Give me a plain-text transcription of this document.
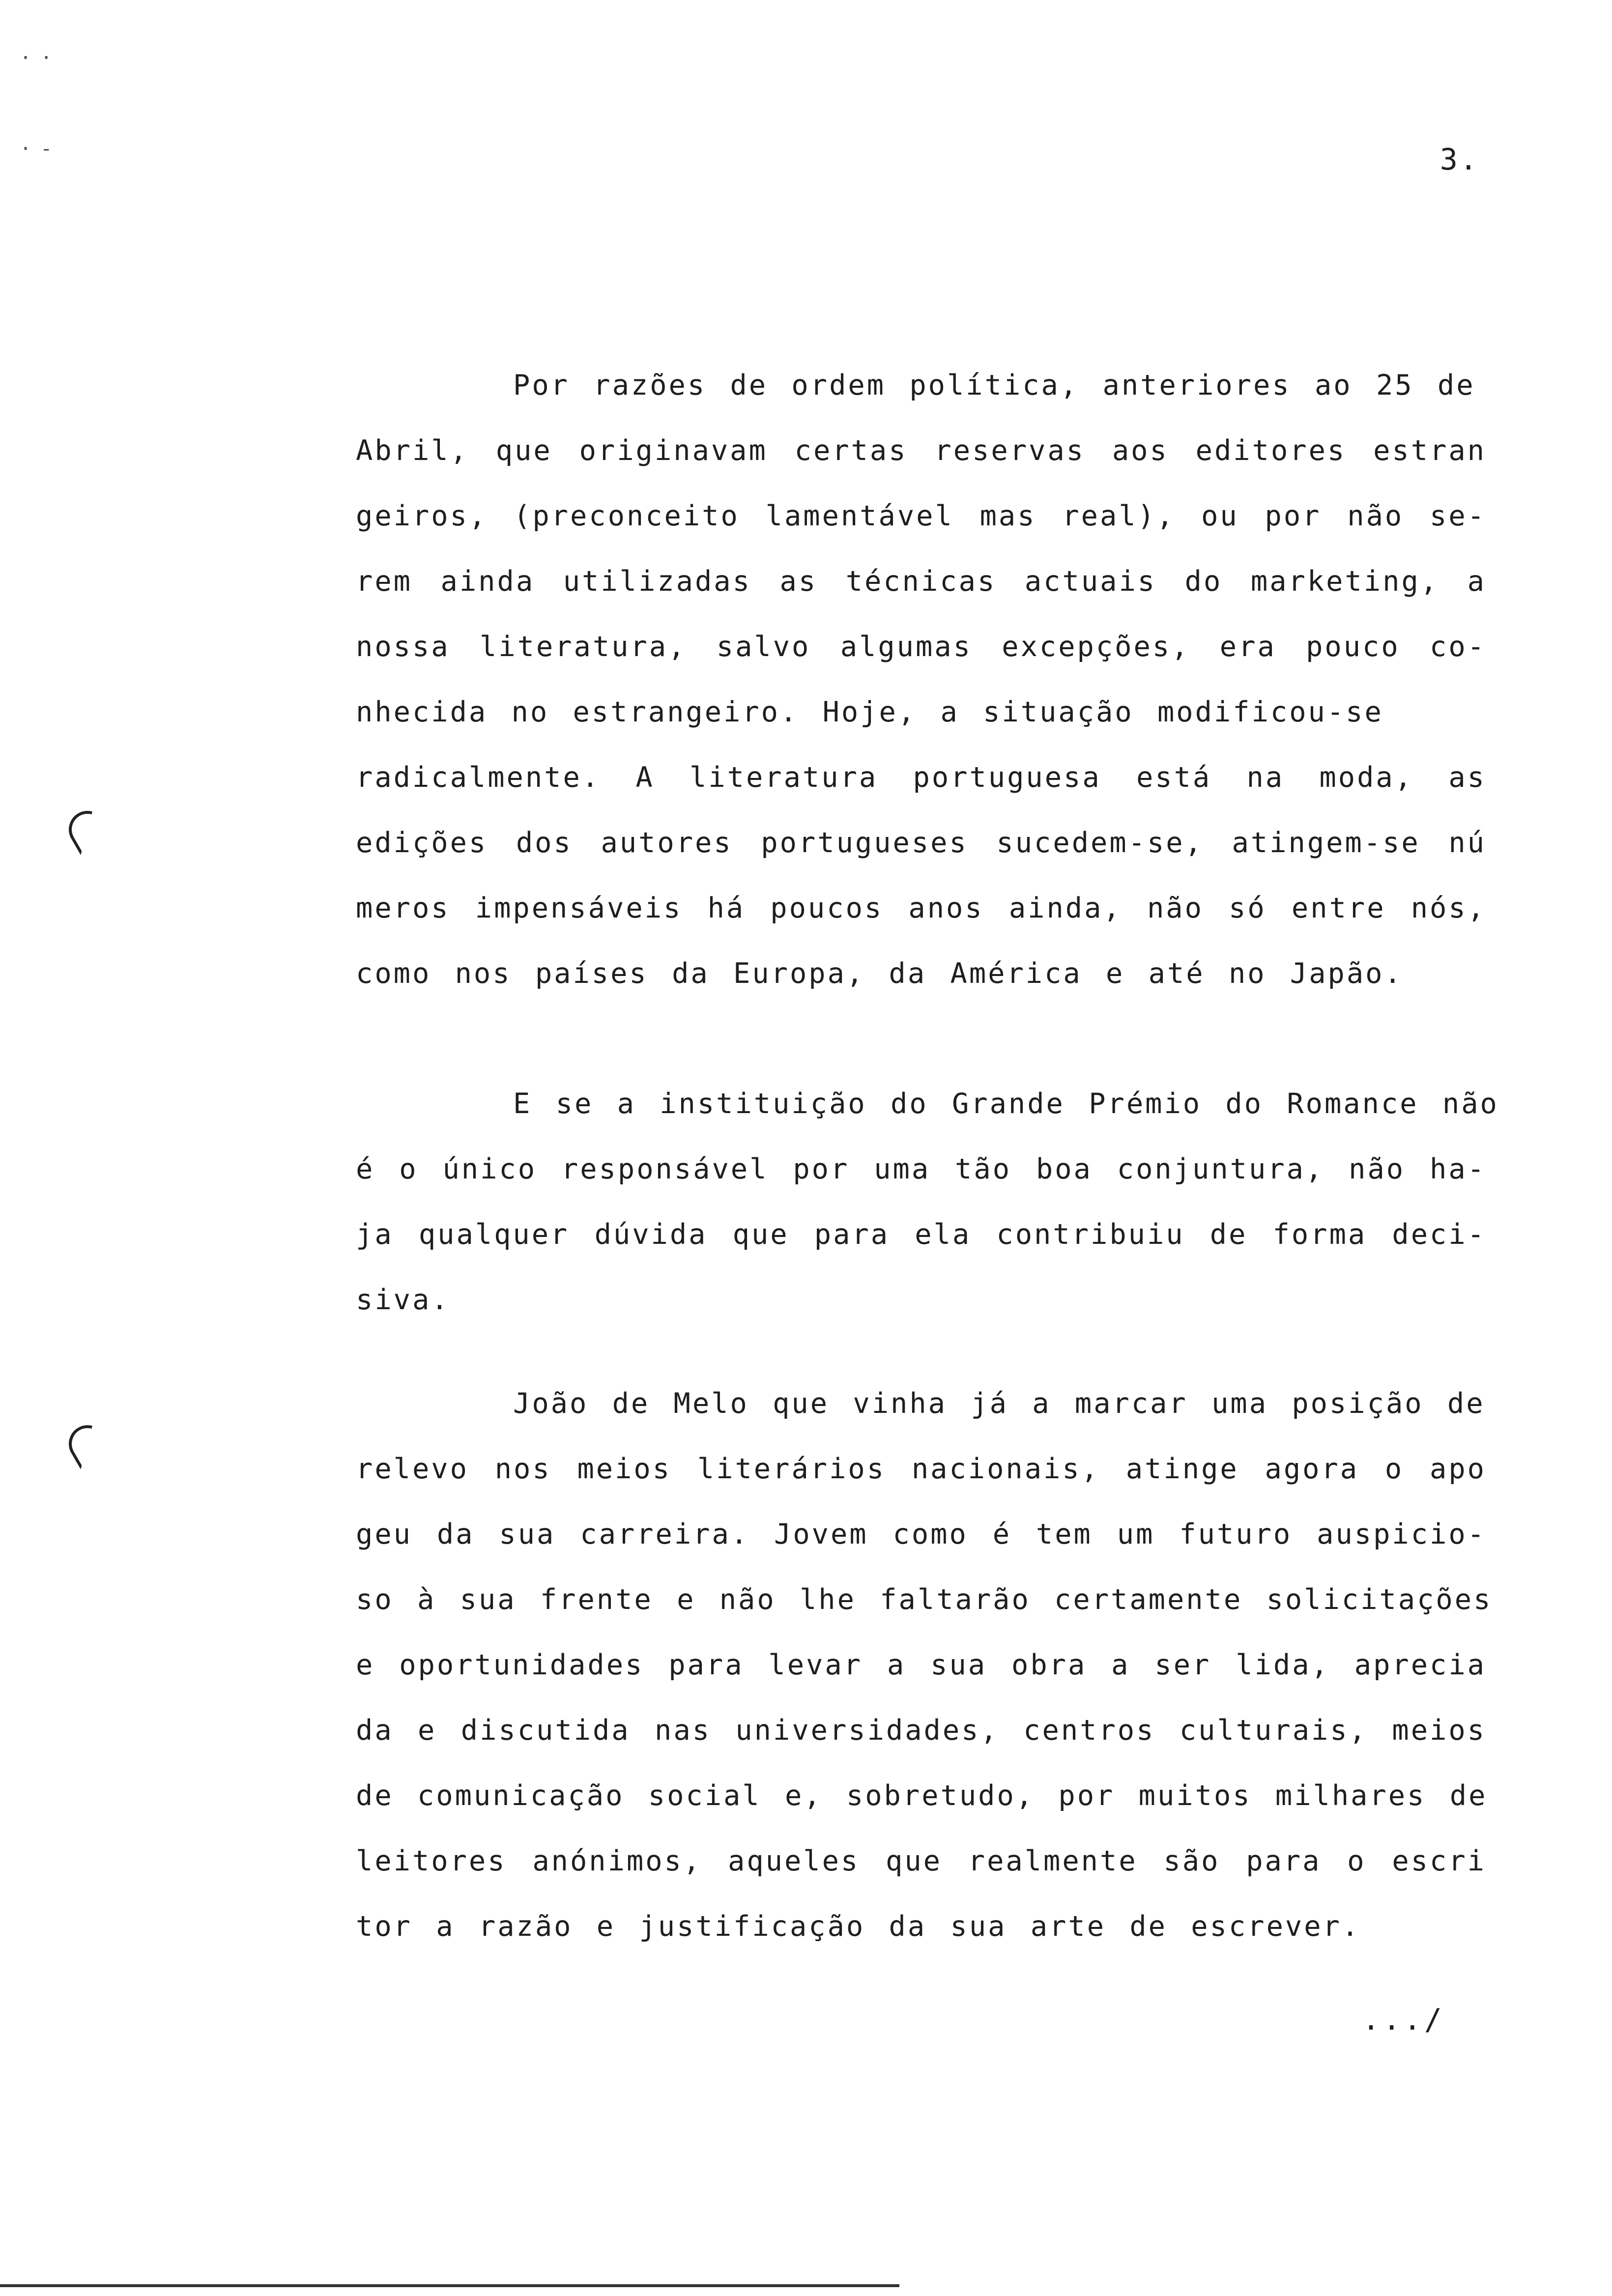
··
·-	3.
Por razões de ordem política, anteriores ao 25 de
Abril, que originavam certas reservas aos editores estran
geiros, (preconceito lamentável mas real), ou por não se-
rem ainda utilizadas as técnicas actuais do marketing, a
nossa literatura, salvo algumas excepções, era pouco co-
nhecida no estrangeiro. Hoje, a situação modificou-se
radicalmente. A literatura portuguesa está na moda, as
edições dos autores portugueses sucedem-se, atingem-se nú
meros impensáveis há poucos anos ainda, não só entre nós,
como nos países da Europa, da América e até no Japão.
E se a instituição do Grande Prémio do Romance não
é o único responsável por uma tão boa conjuntura, não ha-
ja qualquer dúvida que para ela contribuiu de forma deci-
siva.
João de Melo que vinha já a marcar uma posição de
relevo nos meios literários nacionais, atinge agora o apo
geu da sua carreira. Jovem como é tem um futuro auspicio-
so à sua frente e não lhe faltarão certamente solicitações
e oportunidades para levar a sua obra a ser lida, aprecia
da e discutida nas universidades, centros culturais, meios
de comunicação social e, sobretudo, por muitos milhares de
leitores anónimos, aqueles que realmente são para o escri
tor a razão e justificação da sua arte de escrever.
.../
